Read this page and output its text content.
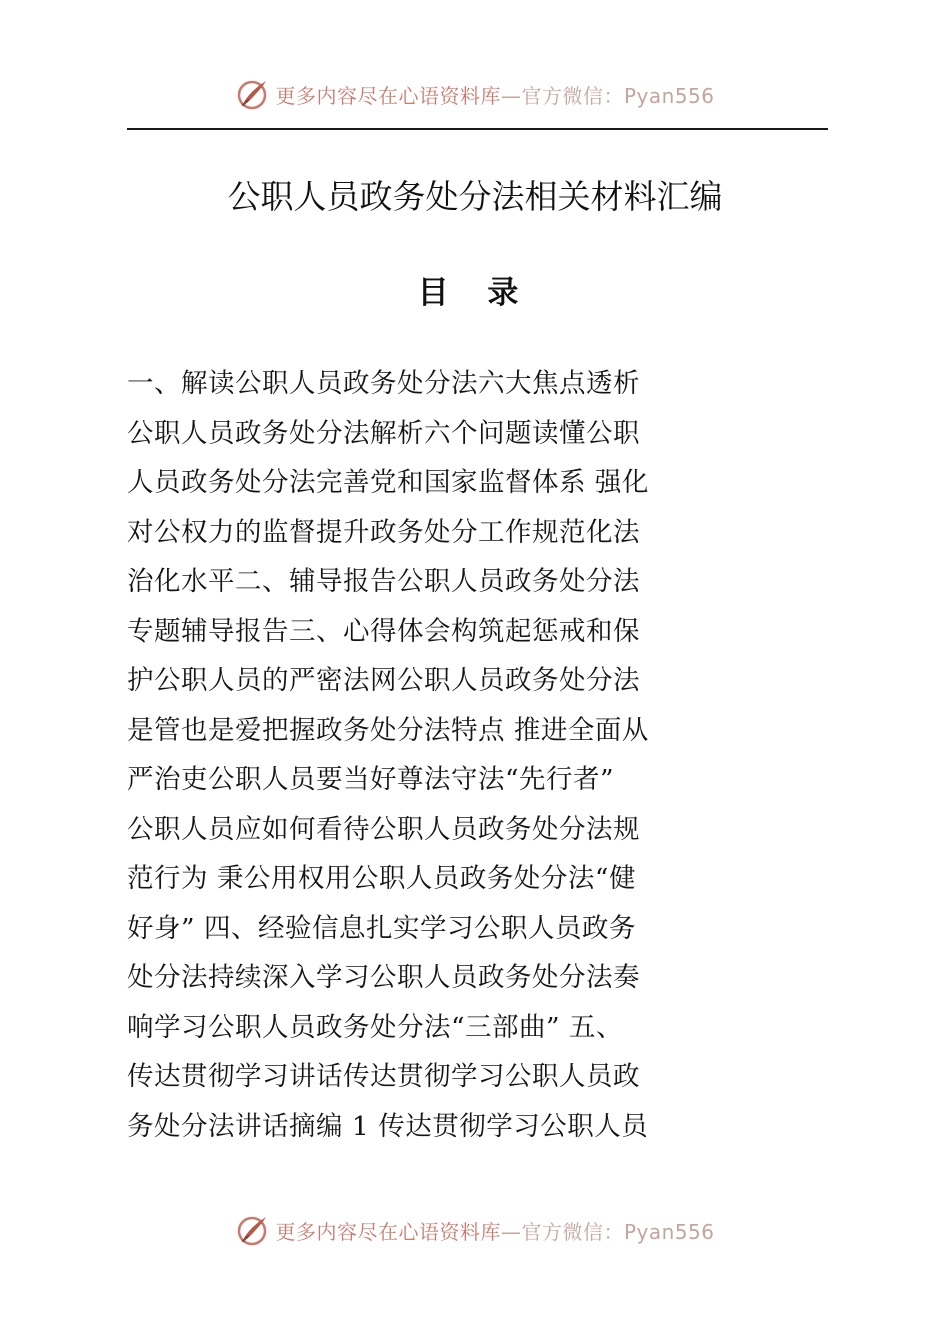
更多内容尽在心语资料库—官方微信：Pyan556
公职人员政务处分法相关材料汇编
目 录
一、解读公职人员政务处分法六大焦点透析
公职人员政务处分法解析六个问题读懂公职
人员政务处分法完善党和国家监督体系 强化
对公权力的监督提升政务处分工作规范化法
治化水平二、辅导报告公职人员政务处分法
专题辅导报告三、心得体会构筑起惩戒和保
护公职人员的严密法网公职人员政务处分法
是管也是爱把握政务处分法特点 推进全面从
严治吏公职人员要当好尊法守法“先行者”
公职人员应如何看待公职人员政务处分法规
范行为 秉公用权用公职人员政务处分法“健
好身” 四、经验信息扎实学习公职人员政务
处分法持续深入学习公职人员政务处分法奏
响学习公职人员政务处分法“三部曲” 五、
传达贯彻学习讲话传达贯彻学习公职人员政
务处分法讲话摘编 1 传达贯彻学习公职人员
更多内容尽在心语资料库—官方微信：Pyan556
